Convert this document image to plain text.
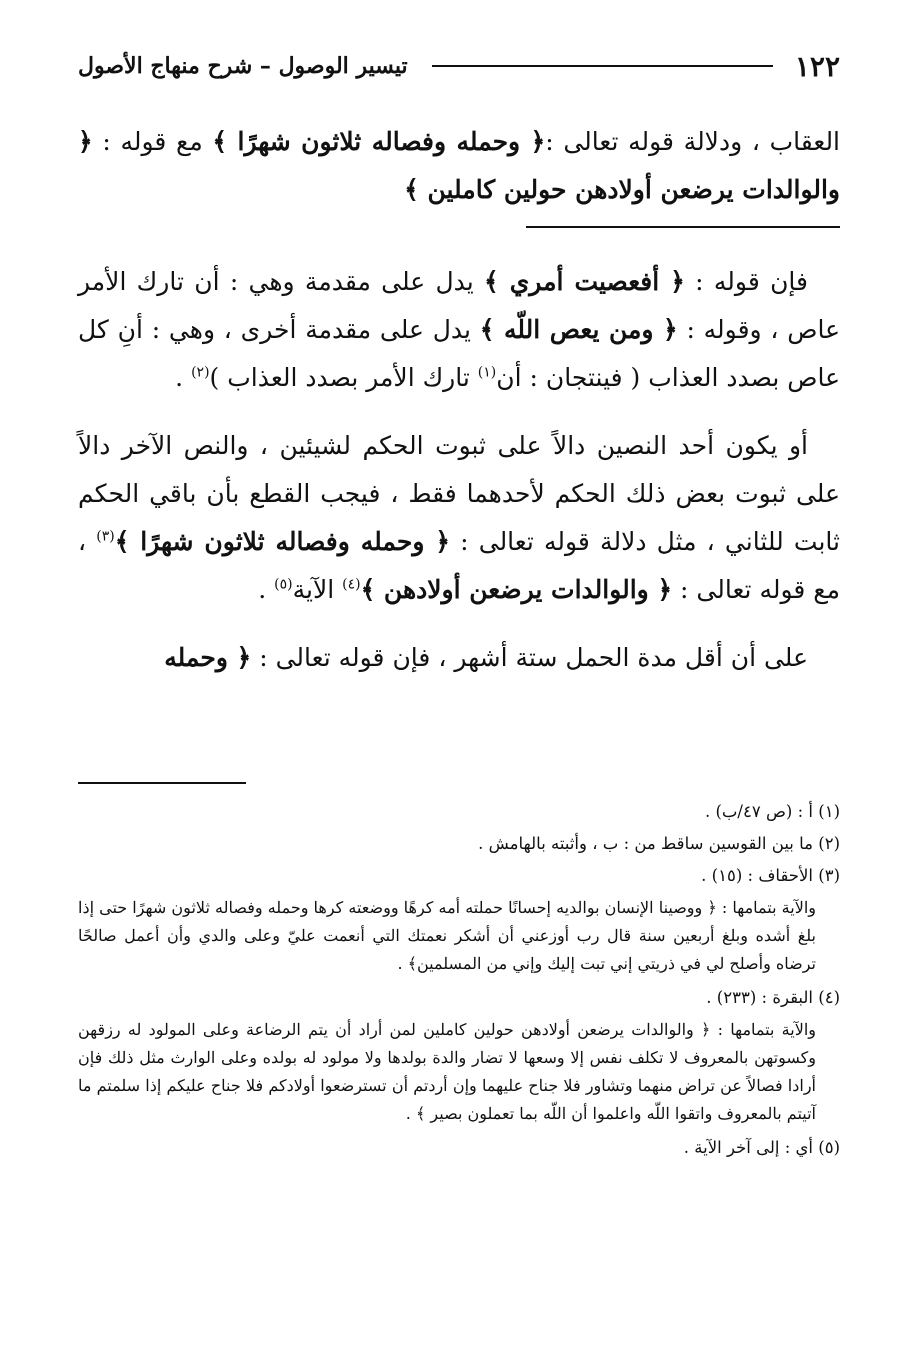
١٢٢
تيسير الوصول – شرح منهاج الأصول

العقاب ، ودلالة قوله تعالى :﴿ وحمله وفصاله ثلاثون شهرًا ﴾ مع قوله : ﴿ والوالدات يرضعن أولادهن حولين كاملين ﴾

فإن قوله : ﴿ أفعصيت أمري ﴾ يدل على مقدمة وهي : أن تارك الأمر عاص ، وقوله : ﴿ ومن يعص اللّه ﴾ يدل على مقدمة أخرى ، وهي : أنِ كل عاص بصدد العذاب ( فينتجان : أن$^{(١)}$ تارك الأمر بصدد العذاب )$^{(٢)}$ .

أو يكون أحد النصين دالاً على ثبوت الحكم لشيئين ، والنص الآخر دالاً على ثبوت بعض ذلك الحكم لأحدهما فقط ، فيجب القطع بأن باقي الحكم ثابت للثاني ، مثل دلالة قوله تعالى : ﴿ وحمله وفصاله ثلاثون شهرًا ﴾$^{(٣)}$ ، مع قوله تعالى : ﴿ والوالدات يرضعن أولادهن ﴾$^{(٤)}$ الآية$^{(٥)}$ .

على أن أقل مدة الحمل ستة أشهر ، فإن قوله تعالى : ﴿ وحمله

(١) أ : (ص ٤٧/ب) .

(٢) ما بين القوسين ساقط من : ب ، وأثبته بالهامش .

(٣) الأحقاف : (١٥) .

والآية بتمامها : ﴿ ووصينا الإنسان بوالديه إحسانًا حملته أمه كرهًا ووضعته كرها وحمله وفصاله ثلاثون شهرًا حتى إذا بلغ أشده وبلغ أربعين سنة قال رب أوزعني أن أشكر نعمتك التي أنعمت عليّ وعلى والدي وأن أعمل صالحًا ترضاه وأصلح لي في ذريتي إني تبت إليك وإني من المسلمين﴾ .

(٤) البقرة : (٢٣٣) .

والآية بتمامها : ﴿ والوالدات يرضعن أولادهن حولين كاملين لمن أراد أن يتم الرضاعة وعلى المولود له رزقهن وكسوتهن بالمعروف لا تكلف نفس إلا وسعها لا تضار والدة بولدها ولا مولود له بولده وعلى الوارث مثل ذلك فإن أرادا فصالاً عن تراض منهما وتشاور فلا جناح عليهما وإن أردتم أن تسترضعوا أولادكم فلا جناح عليكم إذا سلمتم ما آتيتم بالمعروف واتقوا اللّه واعلموا أن اللّه بما تعملون بصير ﴾ .

(٥) أي : إلى آخر الآية .
